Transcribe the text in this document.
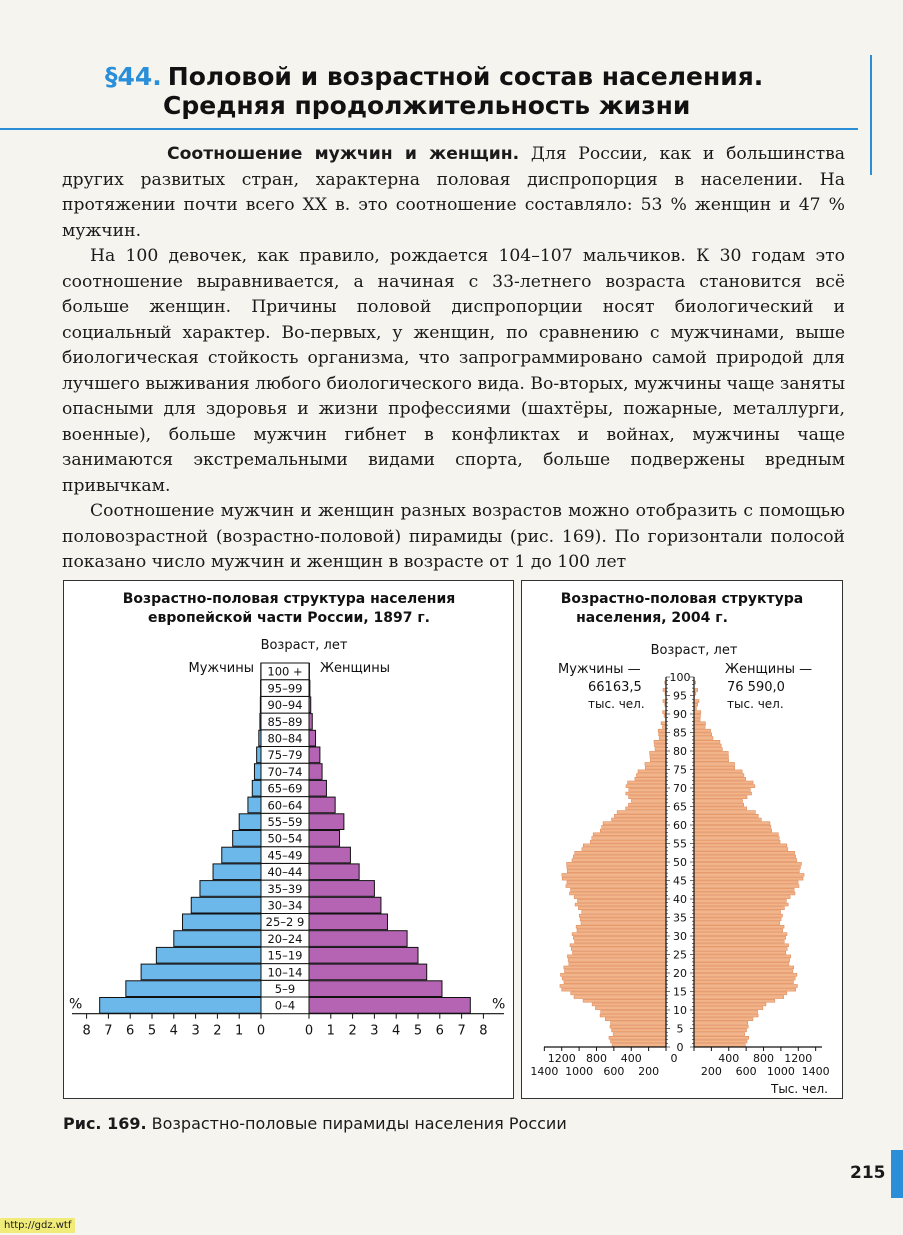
§44. Половой и возрастной состав населения.
Средняя продолжительность жизни

Соотношение мужчин и женщин. Для России, как и большинства других развитых стран, характерна половая диспропорция в населении. На протяжении почти всего XX в. это соотношение составляло: 53 % женщин и 47 % мужчин.

На 100 девочек, как правило, рождается 104–107 мальчиков. К 30 годам это соотношение выравнивается, а начиная с 33-летнего возраста становится всё больше женщин. Причины половой диспропорции носят биологический и социальный характер. Во-первых, у женщин, по сравнению с мужчинами, выше биологическая стойкость организма, что запрограммировано самой природой для лучшего выживания любого биологического вида. Во-вторых, мужчины чаще заняты опасными для здоровья и жизни профессиями (шахтёры, пожарные, металлурги, военные), больше мужчин гибнет в конфликтах и войнах, мужчины чаще занимаются экстремальными видами спорта, больше подвержены вредным привычкам.

Соотношение мужчин и женщин разных возрастов можно отобразить с помощью половозрастной (возрастно-половой) пирамиды (рис. 169). По горизонтали полосой показано число мужчин и женщин в возрасте от 1 до 100 лет

Возрастно-половая структура населения
европейской части России, 1897 г.
Возраст, лет
Мужчины	Женщины
0–4
5–9
10–14
15–19
20–24
25–2 9
30–34
35–39
40–44
45–49
50–54
55–59
60–64
65–69
70–74
75–79
80–84
85–89
90–94
95–99
100 +
8 7 6 5 4 3 2 1 0	0 1 2 3 4 5 6 7 8
%	%
Возрастно-половая структура
населения, 2004 г.
Возраст, лет
Мужчины —
66163,5
тыс. чел.
Женщины —
76 590,0
тыс. чел.
100
95
90
85
80
75
70
65
60
55
50
45
40
35
30
25
20
15
10
5
0
1200 800 400
1400 1000 600 200
400 800 1200
200 600 1000 1400
0
Тыс. чел.
Рис. 169. Возрастно-половые пирамиды населения России
215
http://gdz.wtf
